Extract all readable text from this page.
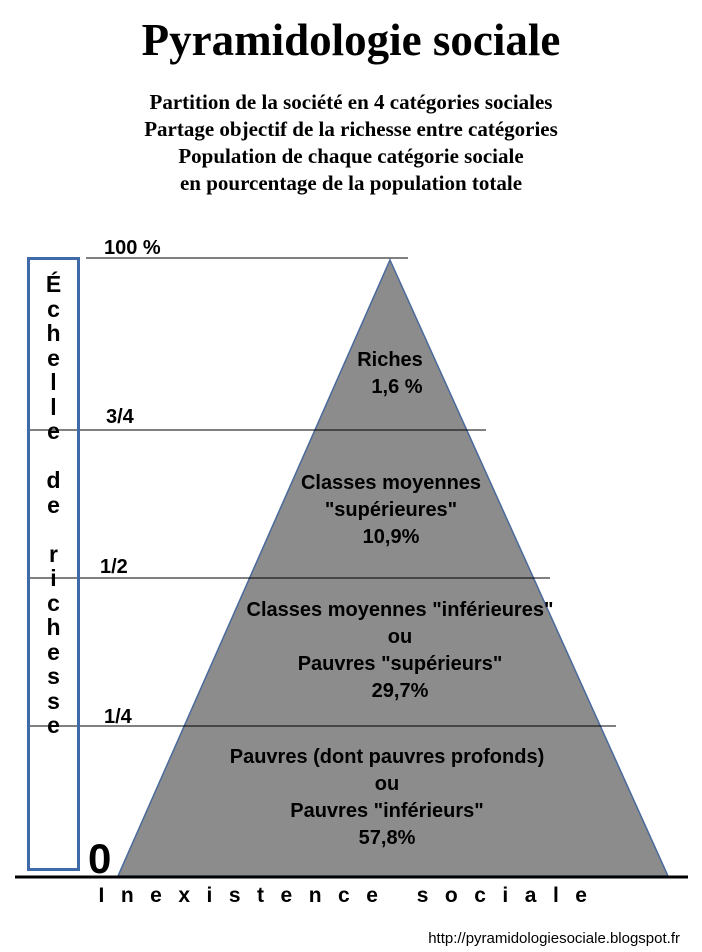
Pyramidologie sociale
Partition de la société en 4 catégories sociales
Partage objectif de la richesse entre catégories
Population de chaque catégorie sociale
en pourcentage de la population totale
É
c
h
e
l
l
e

d
e

r
i
c
h
e
s
s
e
100 %
3/4
1/2
1/4
0
Riches
1,6 %
Classes moyennes
"supérieures"
10,9%
Classes moyennes "inférieures"
ou
Pauvres "supérieurs"
29,7%
Pauvres (dont pauvres profonds)
ou
Pauvres "inférieurs"
57,8%
Inexistence sociale
http://pyramidologiesociale.blogspot.fr
